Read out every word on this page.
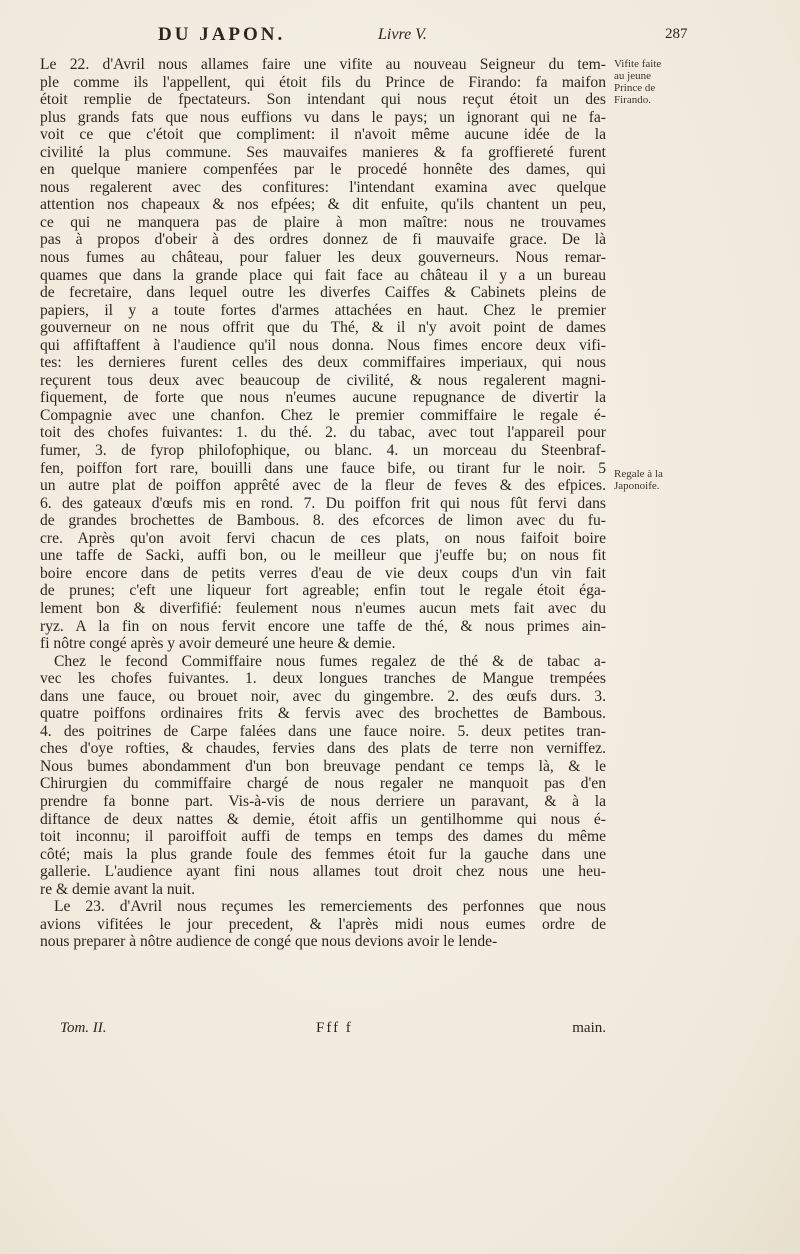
DU JAPON.	Livre V.	287
Le 22. d'Avril nous allames faire une vifite au nouveau Seigneur du tem-
ple comme ils l'appellent, qui étoit fils du Prince de Firando: fa maifon
étoit remplie de fpectateurs. Son intendant qui nous reçut étoit un des
plus grands fats que nous euffions vu dans le pays; un ignorant qui ne fa-
voit ce que c'étoit que compliment: il n'avoit même aucune idée de la
civilité la plus commune. Ses mauvaifes manieres & fa groffiereté furent
en quelque maniere compenfées par le procedé honnête des dames, qui
nous regalerent avec des confitures: l'intendant examina avec quelque
attention nos chapeaux & nos efpées; & dit enfuite, qu'ils chantent un peu,
ce qui ne manquera pas de plaire à mon maître: nous ne trouvames
pas à propos d'obeir à des ordres donnez de fi mauvaife grace. De là
nous fumes au château, pour faluer les deux gouverneurs. Nous remar-
quames que dans la grande place qui fait face au château il y a un bureau
de fecretaire, dans lequel outre les diverfes Caiffes & Cabinets pleins de
papiers, il y a toute fortes d'armes attachées en haut. Chez le premier
gouverneur on ne nous offrit que du Thé, & il n'y avoit point de dames
qui affiftaffent à l'audience qu'il nous donna. Nous fimes encore deux vifi-
tes: les dernieres furent celles des deux commiffaires imperiaux, qui nous
reçurent tous deux avec beaucoup de civilité, & nous regalerent magni-
fiquement, de forte que nous n'eumes aucune repugnance de divertir la
Compagnie avec une chanfon. Chez le premier commiffaire le regale é-
toit des chofes fuivantes: 1. du thé. 2. du tabac, avec tout l'appareil pour
fumer, 3. de fyrop philofophique, ou blanc. 4. un morceau du Steenbraf-
fen, poiffon fort rare, bouilli dans une fauce bife, ou tirant fur le noir. 5
un autre plat de poiffon apprêté avec de la fleur de feves & des efpices.
6. des gateaux d'œufs mis en rond. 7. Du poiffon frit qui nous fût fervi dans
de grandes brochettes de Bambous. 8. des efcorces de limon avec du fu-
cre. Après qu'on avoit fervi chacun de ces plats, on nous faifoit boire
une taffe de Sacki, auffi bon, ou le meilleur que j'euffe bu; on nous fit
boire encore dans de petits verres d'eau de vie deux coups d'un vin fait
de prunes; c'eft une liqueur fort agreable; enfin tout le regale étoit éga-
lement bon & diverfifié: feulement nous n'eumes aucun mets fait avec du
ryz. A la fin on nous fervit encore une taffe de thé, & nous primes ain-
fi nôtre congé après y avoir demeuré une heure & demie.
Chez le fecond Commiffaire nous fumes regalez de thé & de tabac a-
vec les chofes fuivantes. 1. deux longues tranches de Mangue trempées
dans une fauce, ou brouet noir, avec du gingembre. 2. des œufs durs. 3.
quatre poiffons ordinaires frits & fervis avec des brochettes de Bambous.
4. des poitrines de Carpe falées dans une fauce noire. 5. deux petites tran-
ches d'oye rofties, & chaudes, fervies dans des plats de terre non verniffez.
Nous bumes abondamment d'un bon breuvage pendant ce temps là, & le
Chirurgien du commiffaire chargé de nous regaler ne manquoit pas d'en
prendre fa bonne part. Vis-à-vis de nous derriere un paravant, & à la
diftance de deux nattes & demie, étoit affis un gentilhomme qui nous é-
toit inconnu; il paroiffoit auffi de temps en temps des dames du même
côté; mais la plus grande foule des femmes étoit fur la gauche dans une
gallerie. L'audience ayant fini nous allames tout droit chez nous une heu-
re & demie avant la nuit.
Le 23. d'Avril nous reçumes les remerciements des perfonnes que nous
avions vifitées le jour precedent, & l'après midi nous eumes ordre de
nous preparer à nôtre audience de congé que nous devions avoir le lende-
Vifite faite au jeune Prince de Firando.
Regale à la Japonoife.
Tom. II.	Fff f	main.
